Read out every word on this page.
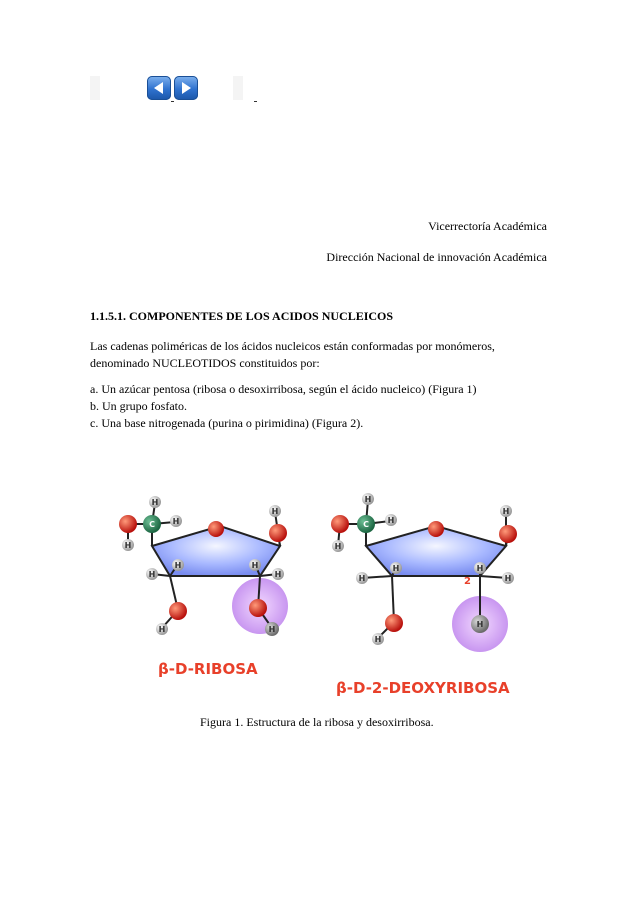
Vicerrectoría Académica
Dirección Nacional de innovación Académica
1.1.5.1. COMPONENTES DE LOS ACIDOS NUCLEICOS
Las cadenas poliméricas de los ácidos nucleicos están conformadas por monómeros,
denominado NUCLEOTIDOS constituidos por:
a. Un azúcar pentosa (ribosa o desoxirribosa, según el ácido nucleico) (Figura 1)
b. Un grupo fosfato.
c. Una base nitrogenada (purina o pirimidina) (Figura 2).
C
H
H
H
H
H
H
H
H
H	H
β-D-RIBOSA
C
H
H
H
H
H
H
H
H
2
H
H
β-D-2-DEOXYRIBOSA
Figura 1. Estructura de la ribosa y desoxirribosa.
